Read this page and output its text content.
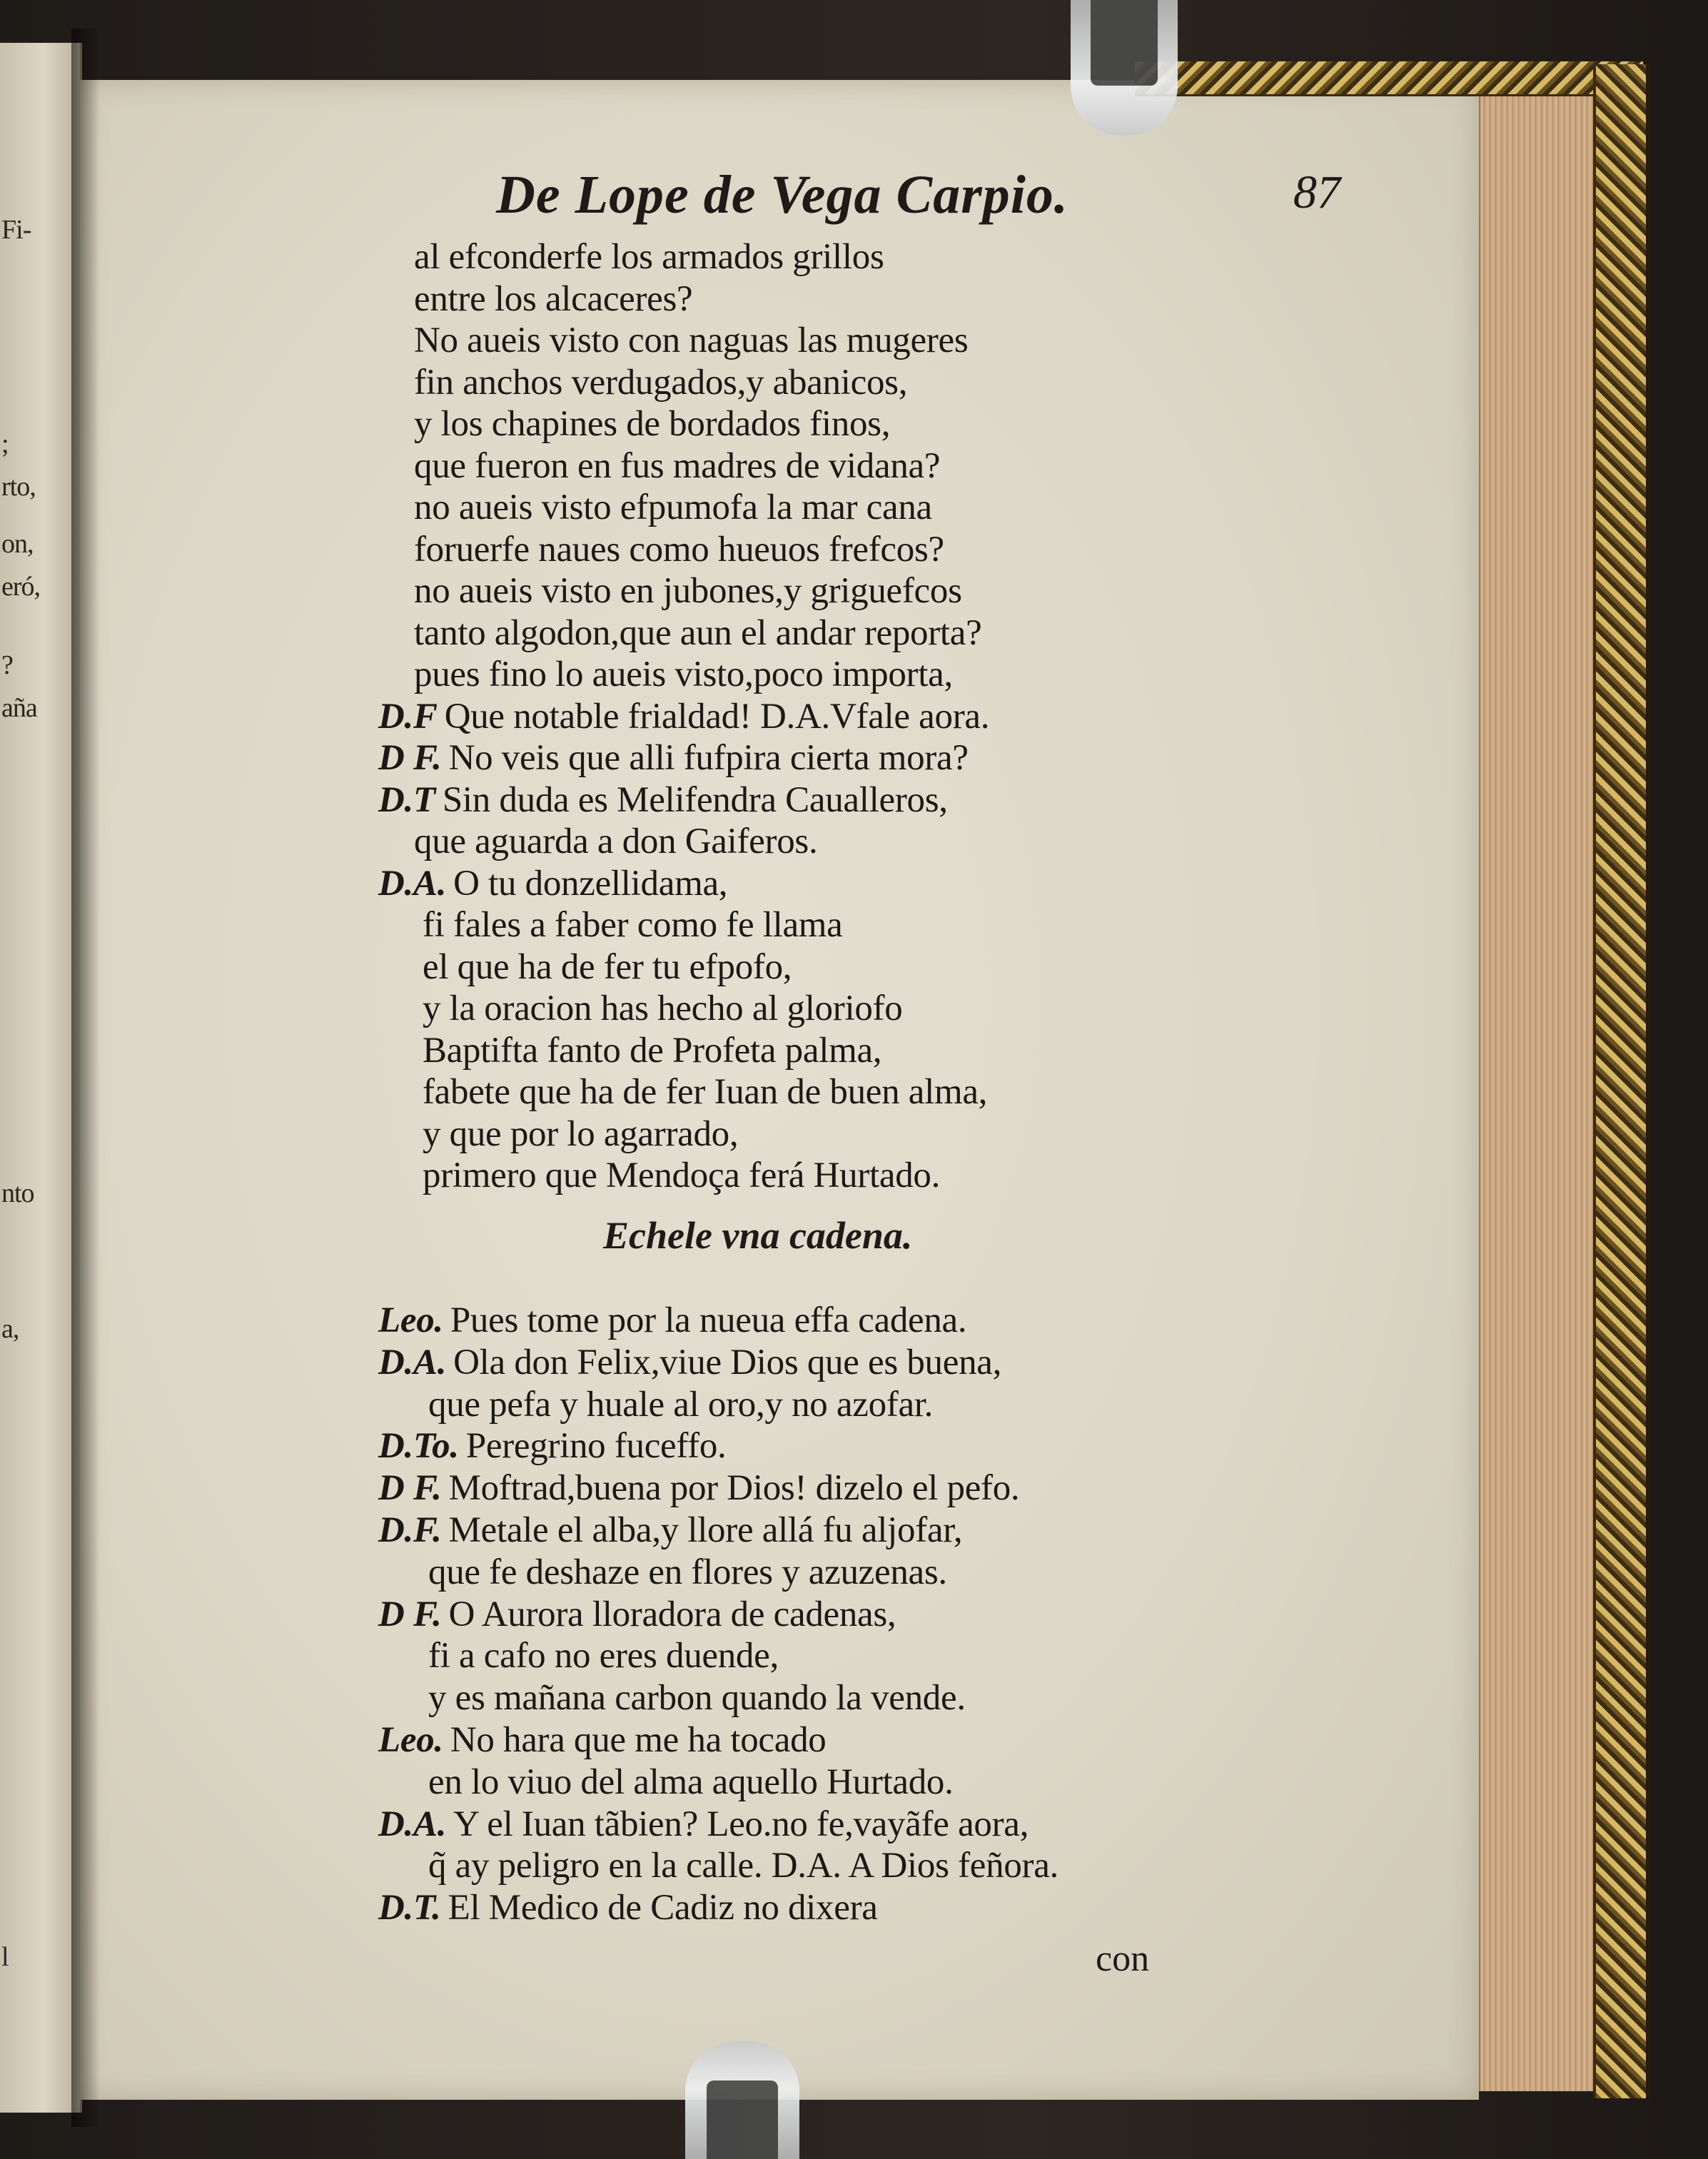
Fi-
;
rto,
on,
eró,
?
aña
nto
a,
l
De Lope de Vega Carpio.	87
al efconderfe los armados grillos
entre los alcaceres?
No aueis visto con naguas las mugeres
fin anchos verdugados,y abanicos,
y los chapines de bordados finos,
que fueron en fus madres de vidana?
no aueis visto efpumofa la mar cana
foruerfe naues como hueuos frefcos?
no aueis visto en jubones,y griguefcos
tanto algodon,que aun el andar reporta?
pues fino lo aueis visto,poco importa,
D.F Que notable frialdad! D.A.Vfale aora.
D F. No veis que alli fufpira cierta mora?
D.T Sin duda es Melifendra Caualleros,
que aguarda a don Gaiferos.
D.A. O tu donzellidama,
fi fales a faber como fe llama
el que ha de fer tu efpofo,
y la oracion has hecho al gloriofo
Baptifta fanto de Profeta palma,
fabete que ha de fer Iuan de buen alma,
y que por lo agarrado,
primero que Mendoça ferá Hurtado.
Leo. Pues tome por la nueua effa cadena.
D.A. Ola don Felix,viue Dios que es buena,
que pefa y huale al oro,y no azofar.
D.To. Peregrino fuceffo.
D F. Moftrad,buena por Dios! dizelo el pefo.
D.F. Metale el alba,y llore allá fu aljofar,
que fe deshaze en flores y azuzenas.
D F. O Aurora lloradora de cadenas,
fi a cafo no eres duende,
y es mañana carbon quando la vende.
Leo. No hara que me ha tocado
en lo viuo del alma aquello Hurtado.
D.A. Y el Iuan tãbien? Leo.no fe,vayãfe aora,
q̃ ay peligro en la calle. D.A. A Dios feñora.
D.T. El Medico de Cadiz no dixera
Echele vna cadena.
con
